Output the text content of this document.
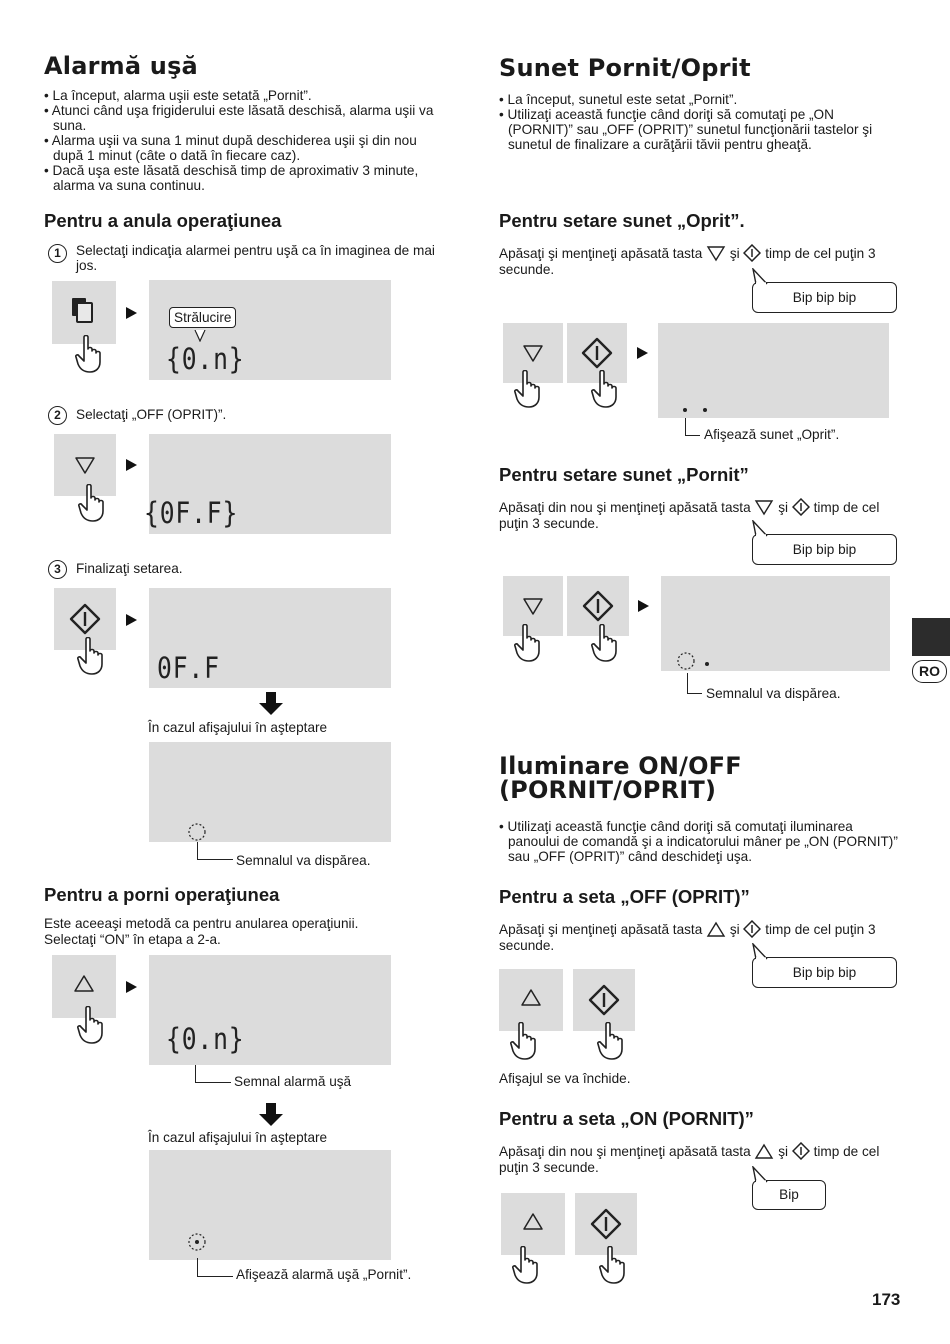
Alarmă uşă
• La început, alarma uşii este setată „Pornit”.
• Atunci când uşa frigiderului este lăsată deschisă, alarma uşii va suna.
• Alarma uşii va suna 1 minut după deschiderea uşii şi din nou după 1 minut (câte o dată în fiecare caz).
• Dacă uşa este lăsată deschisă timp de aproximativ 3 minute, alarma va suna continuu.
Pentru a anula operaţiunea
1	Selectaţi indicaţia alarmei pentru uşă ca în imaginea de mai jos.
Strălucire
{0.n}
2	Selectaţi „OFF (OPRIT)”.
{0F.F}
3	Finalizaţi setarea.
0F.F
În cazul afişajului în aşteptare
Semnalul va dispărea.
Pentru a porni operaţiunea
Este aceeaşi metodă ca pentru anularea operaţiunii. Selectaţi “ON” în etapa a 2-a.
{0.n}
Semnal alarmă uşă
În cazul afişajului în aşteptare
Afişează alarmă uşă „Pornit”.
Sunet Pornit/Oprit
• La început, sunetul este setat „Pornit”.
• Utilizaţi această funcţie când doriţi să comutaţi pe „ON (PORNIT)” sau „OFF (OPRIT)” sunetul funcţionării tastelor şi sunetul de finalizare a curăţării tăvii pentru gheaţă.
Pentru setare sunet „Oprit”.
Apăsaţi şi menţineţi apăsată tasta şi timp de cel puţin 3 secunde.
Bip bip bip
Afişează sunet „Oprit”.
Pentru setare sunet „Pornit”
Apăsaţi din nou şi menţineţi apăsată tasta şi timp de cel puţin 3 secunde.
Bip bip bip
Semnalul va dispărea.
Iluminare ON/OFF (PORNIT/OPRIT)
• Utilizaţi această funcţie când doriţi să comutaţi iluminarea panoului de comandă şi a indicatorului mâner pe „ON (PORNIT)” sau „OFF (OPRIT)” când deschideţi uşa.
Pentru a seta „OFF (OPRIT)”
Apăsaţi şi menţineţi apăsată tasta şi timp de cel puţin 3 secunde.
Bip bip bip
Afişajul se va închide.
Pentru a seta „ON (PORNIT)”
Apăsaţi din nou şi menţineţi apăsată tasta şi timp de cel puţin 3 secunde.
Bip
RO
173
